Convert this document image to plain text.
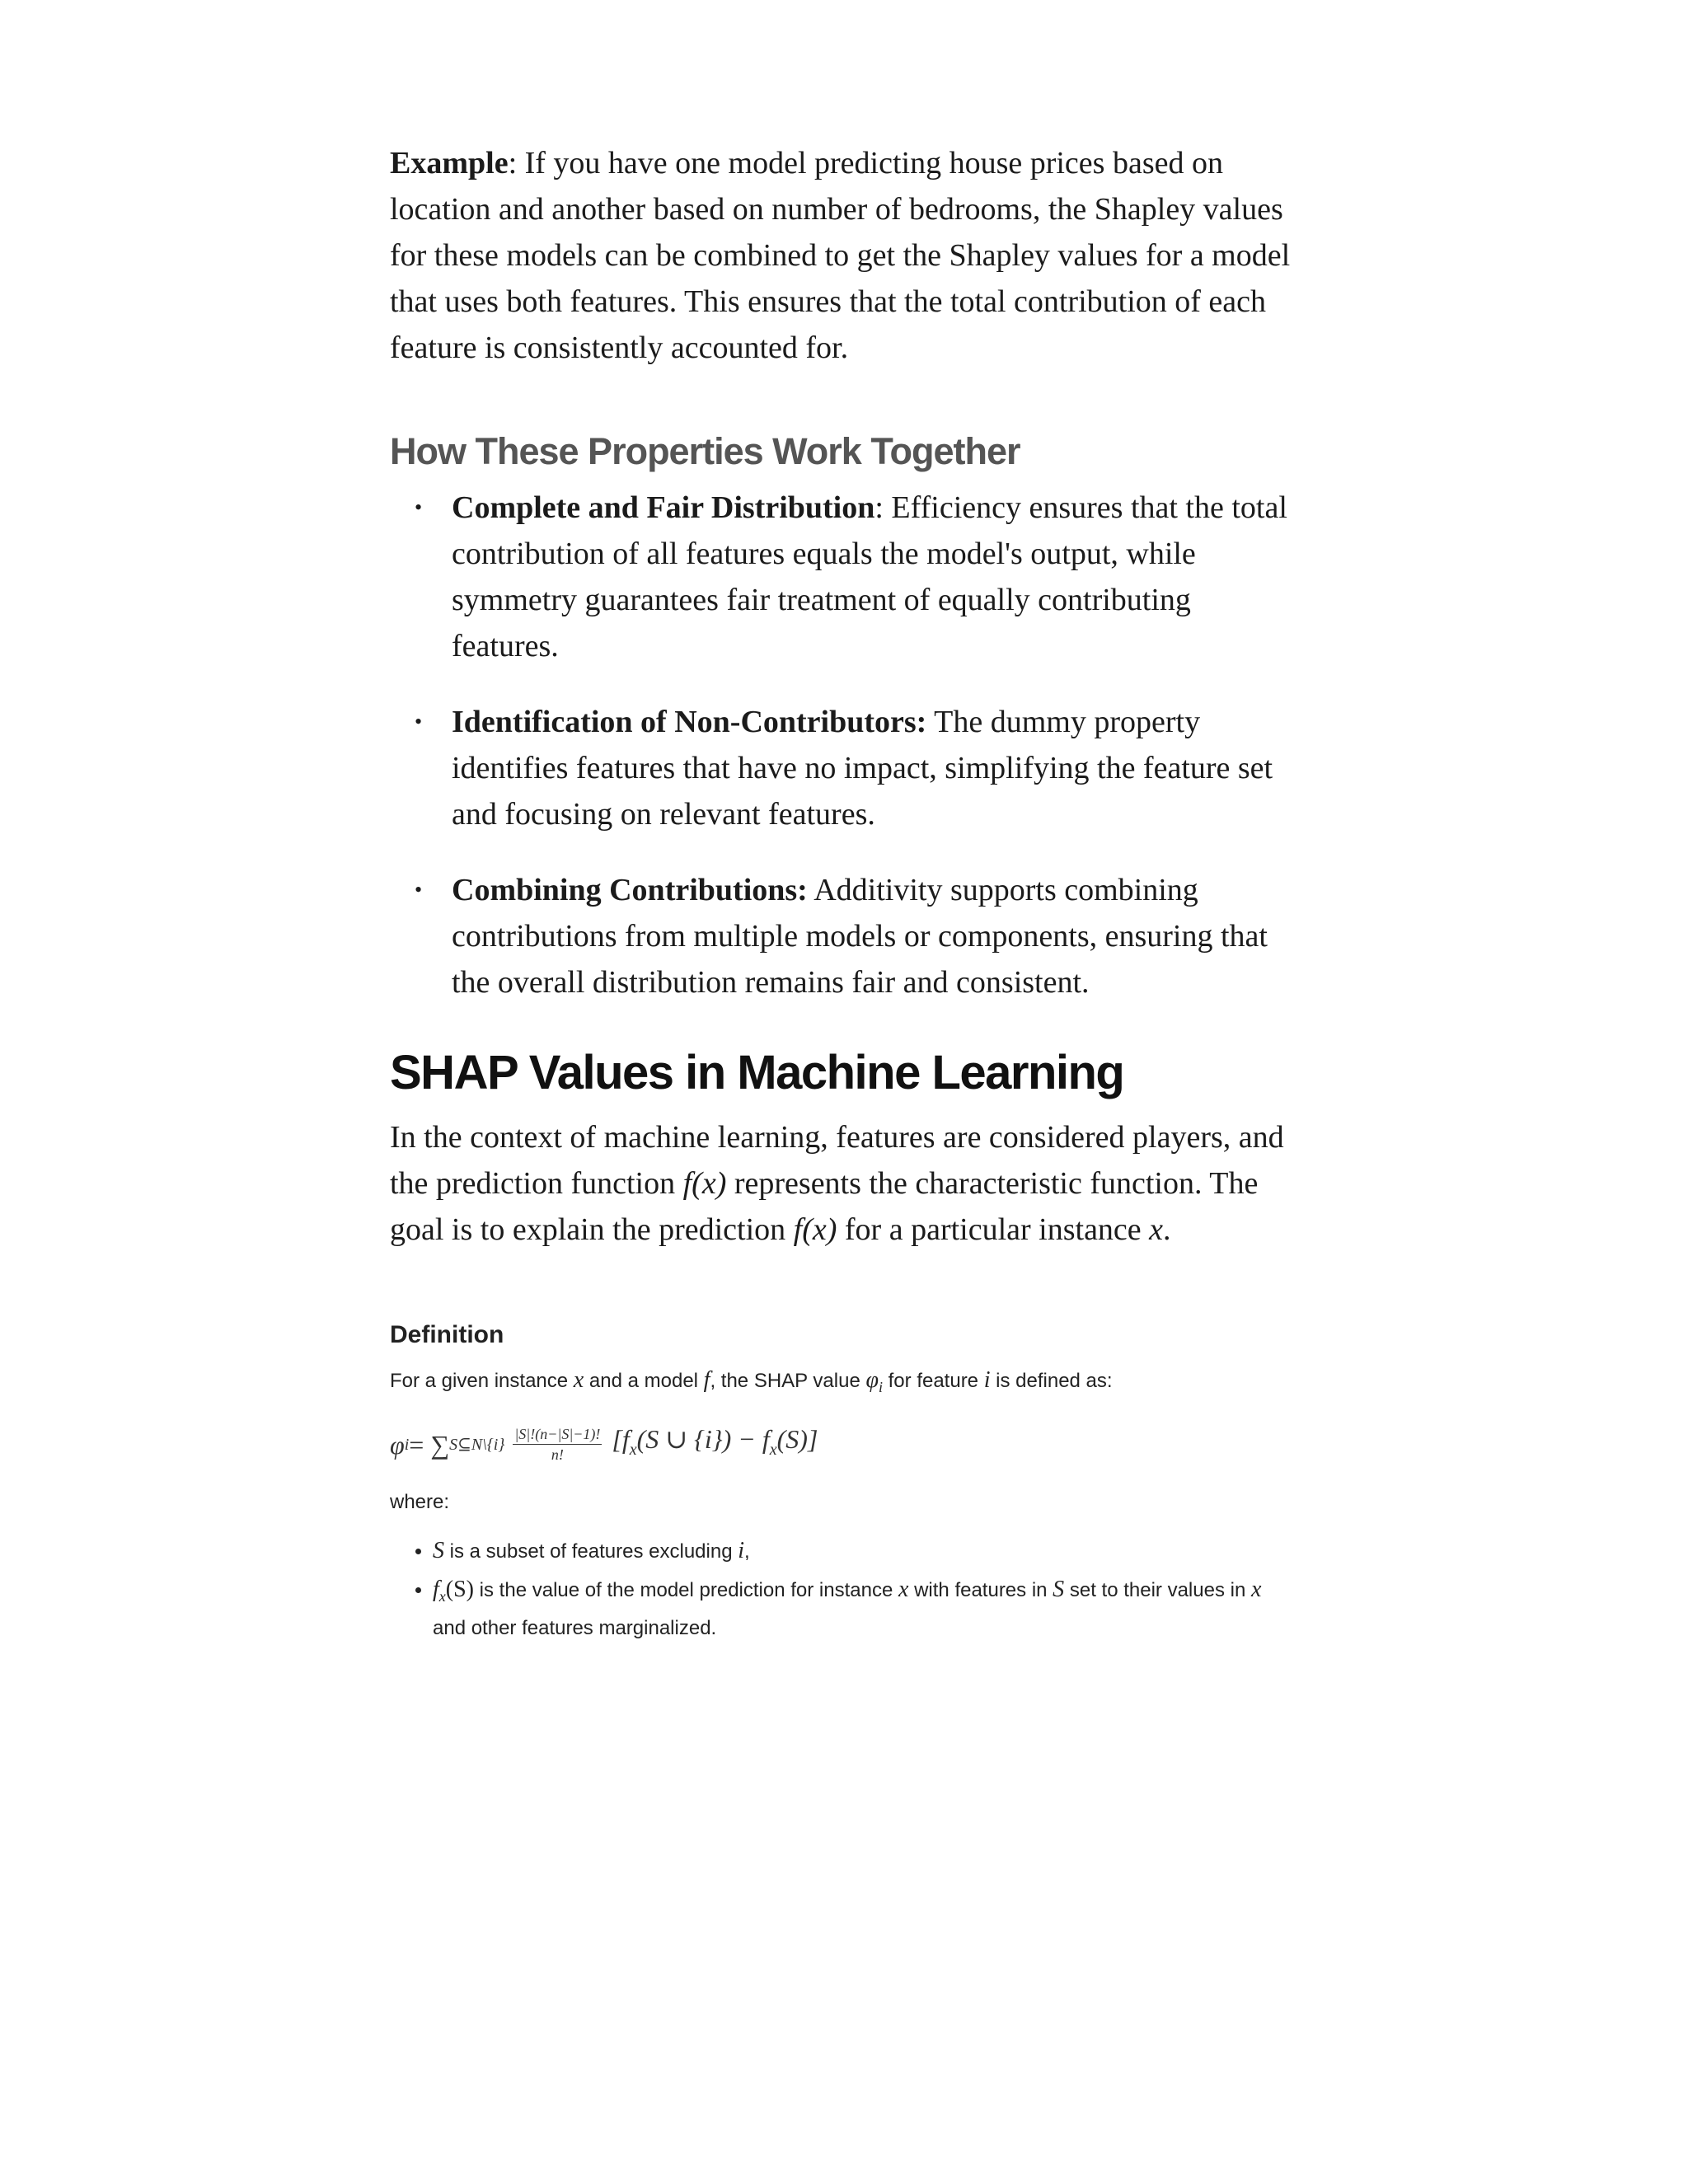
Example: If you have one model predicting house prices based on location and another based on number of bedrooms, the Shapley values for these models can be combined to get the Shapley values for a model that uses both features. This ensures that the total contribution of each feature is consistently accounted for.

How These Properties Work Together
• Complete and Fair Distribution: Efficiency ensures that the total contribution of all features equals the model's output, while symmetry guarantees fair treatment of equally contributing features.
• Identification of Non-Contributors: The dummy property identifies features that have no impact, simplifying the feature set and focusing on relevant features.
• Combining Contributions: Additivity supports combining contributions from multiple models or components, ensuring that the overall distribution remains fair and consistent.
SHAP Values in Machine Learning

In the context of machine learning, features are considered players, and the prediction function f(x) represents the characteristic function. The goal is to explain the prediction f(x) for a particular instance x.

Definition
For a given instance x and a model f, the SHAP value $\varphi_i$ for feature i is defined as:
φ i = ∑ S⊆N\{i} $\frac{|S|!(n-|S|-1)!}{n!} [f_x(S$ ∪ $\{i\}) - f_x(S)$]
where:
• S is a subset of features excluding i,
• $f_x(S)$ is the value of the model prediction for instance x with features in S set to their values in x
and other features marginalized.
